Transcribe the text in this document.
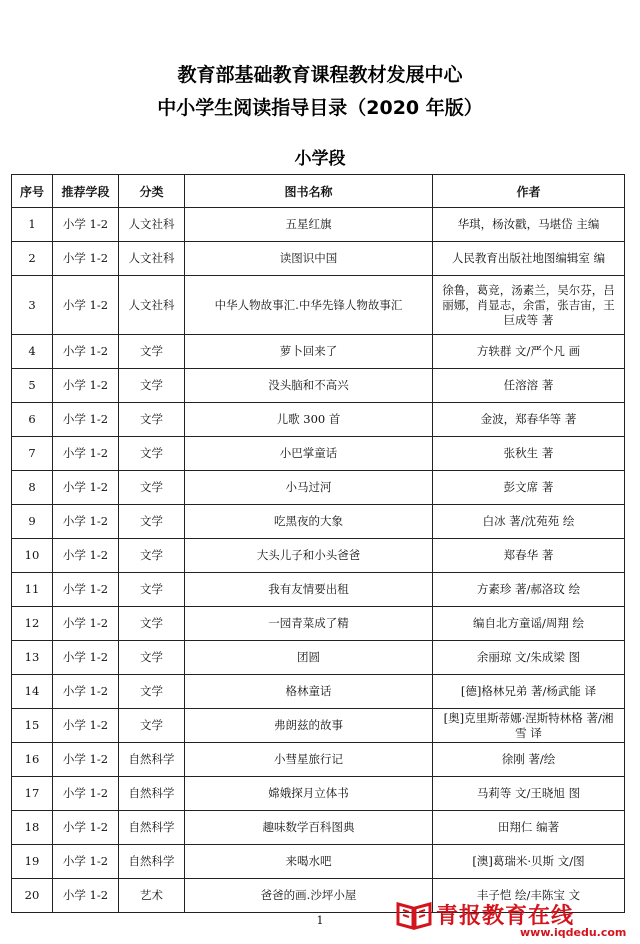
教育部基础教育课程教材发展中心
中小学生阅读指导目录（2020 年版）
小学段
序号	推荐学段	分类	图书名称	作者
1	小学 1-2	人文社科	五星红旗	华琪，杨汝戳，马堪岱 主编
2	小学 1-2	人文社科	读图识中国	人民教育出版社地图编辑室 编
3	小学 1-2	人文社科	中华人物故事汇.中华先锋人物故事汇	徐鲁，葛竞，汤素兰，吴尔芬，吕丽娜，肖显志，余雷，张吉宙，王巨成等 著
4	小学 1-2	文学	萝卜回来了	方轶群 文/严个凡 画
5	小学 1-2	文学	没头脑和不高兴	任溶溶 著
6	小学 1-2	文学	儿歌 300 首	金波，郑春华等 著
7	小学 1-2	文学	小巴掌童话	张秋生 著
8	小学 1-2	文学	小马过河	彭文席 著
9	小学 1-2	文学	吃黑夜的大象	白冰 著/沈苑苑 绘
10	小学 1-2	文学	大头儿子和小头爸爸	郑春华 著
11	小学 1-2	文学	我有友情要出租	方素珍 著/郝洛玟 绘
12	小学 1-2	文学	一园青菜成了精	编自北方童谣/周翔 绘
13	小学 1-2	文学	团圆	余丽琼 文/朱成梁 图
14	小学 1-2	文学	格林童话	[德]格林兄弟 著/杨武能 译
15	小学 1-2	文学	弗朗兹的故事	[奥]克里斯蒂娜·涅斯特林格 著/湘雪 译
16	小学 1-2	自然科学	小彗星旅行记	徐刚 著/绘
17	小学 1-2	自然科学	嫦娥探月立体书	马莉等 文/王晓旭 图
18	小学 1-2	自然科学	趣味数学百科图典	田翔仁 编著
19	小学 1-2	自然科学	来喝水吧	[澳]葛瑞米·贝斯 文/图
20	小学 1-2	艺术	爸爸的画.沙坪小屋	丰子恺 绘/丰陈宝 文
1	青报教育在线
www.iqdedu.com
